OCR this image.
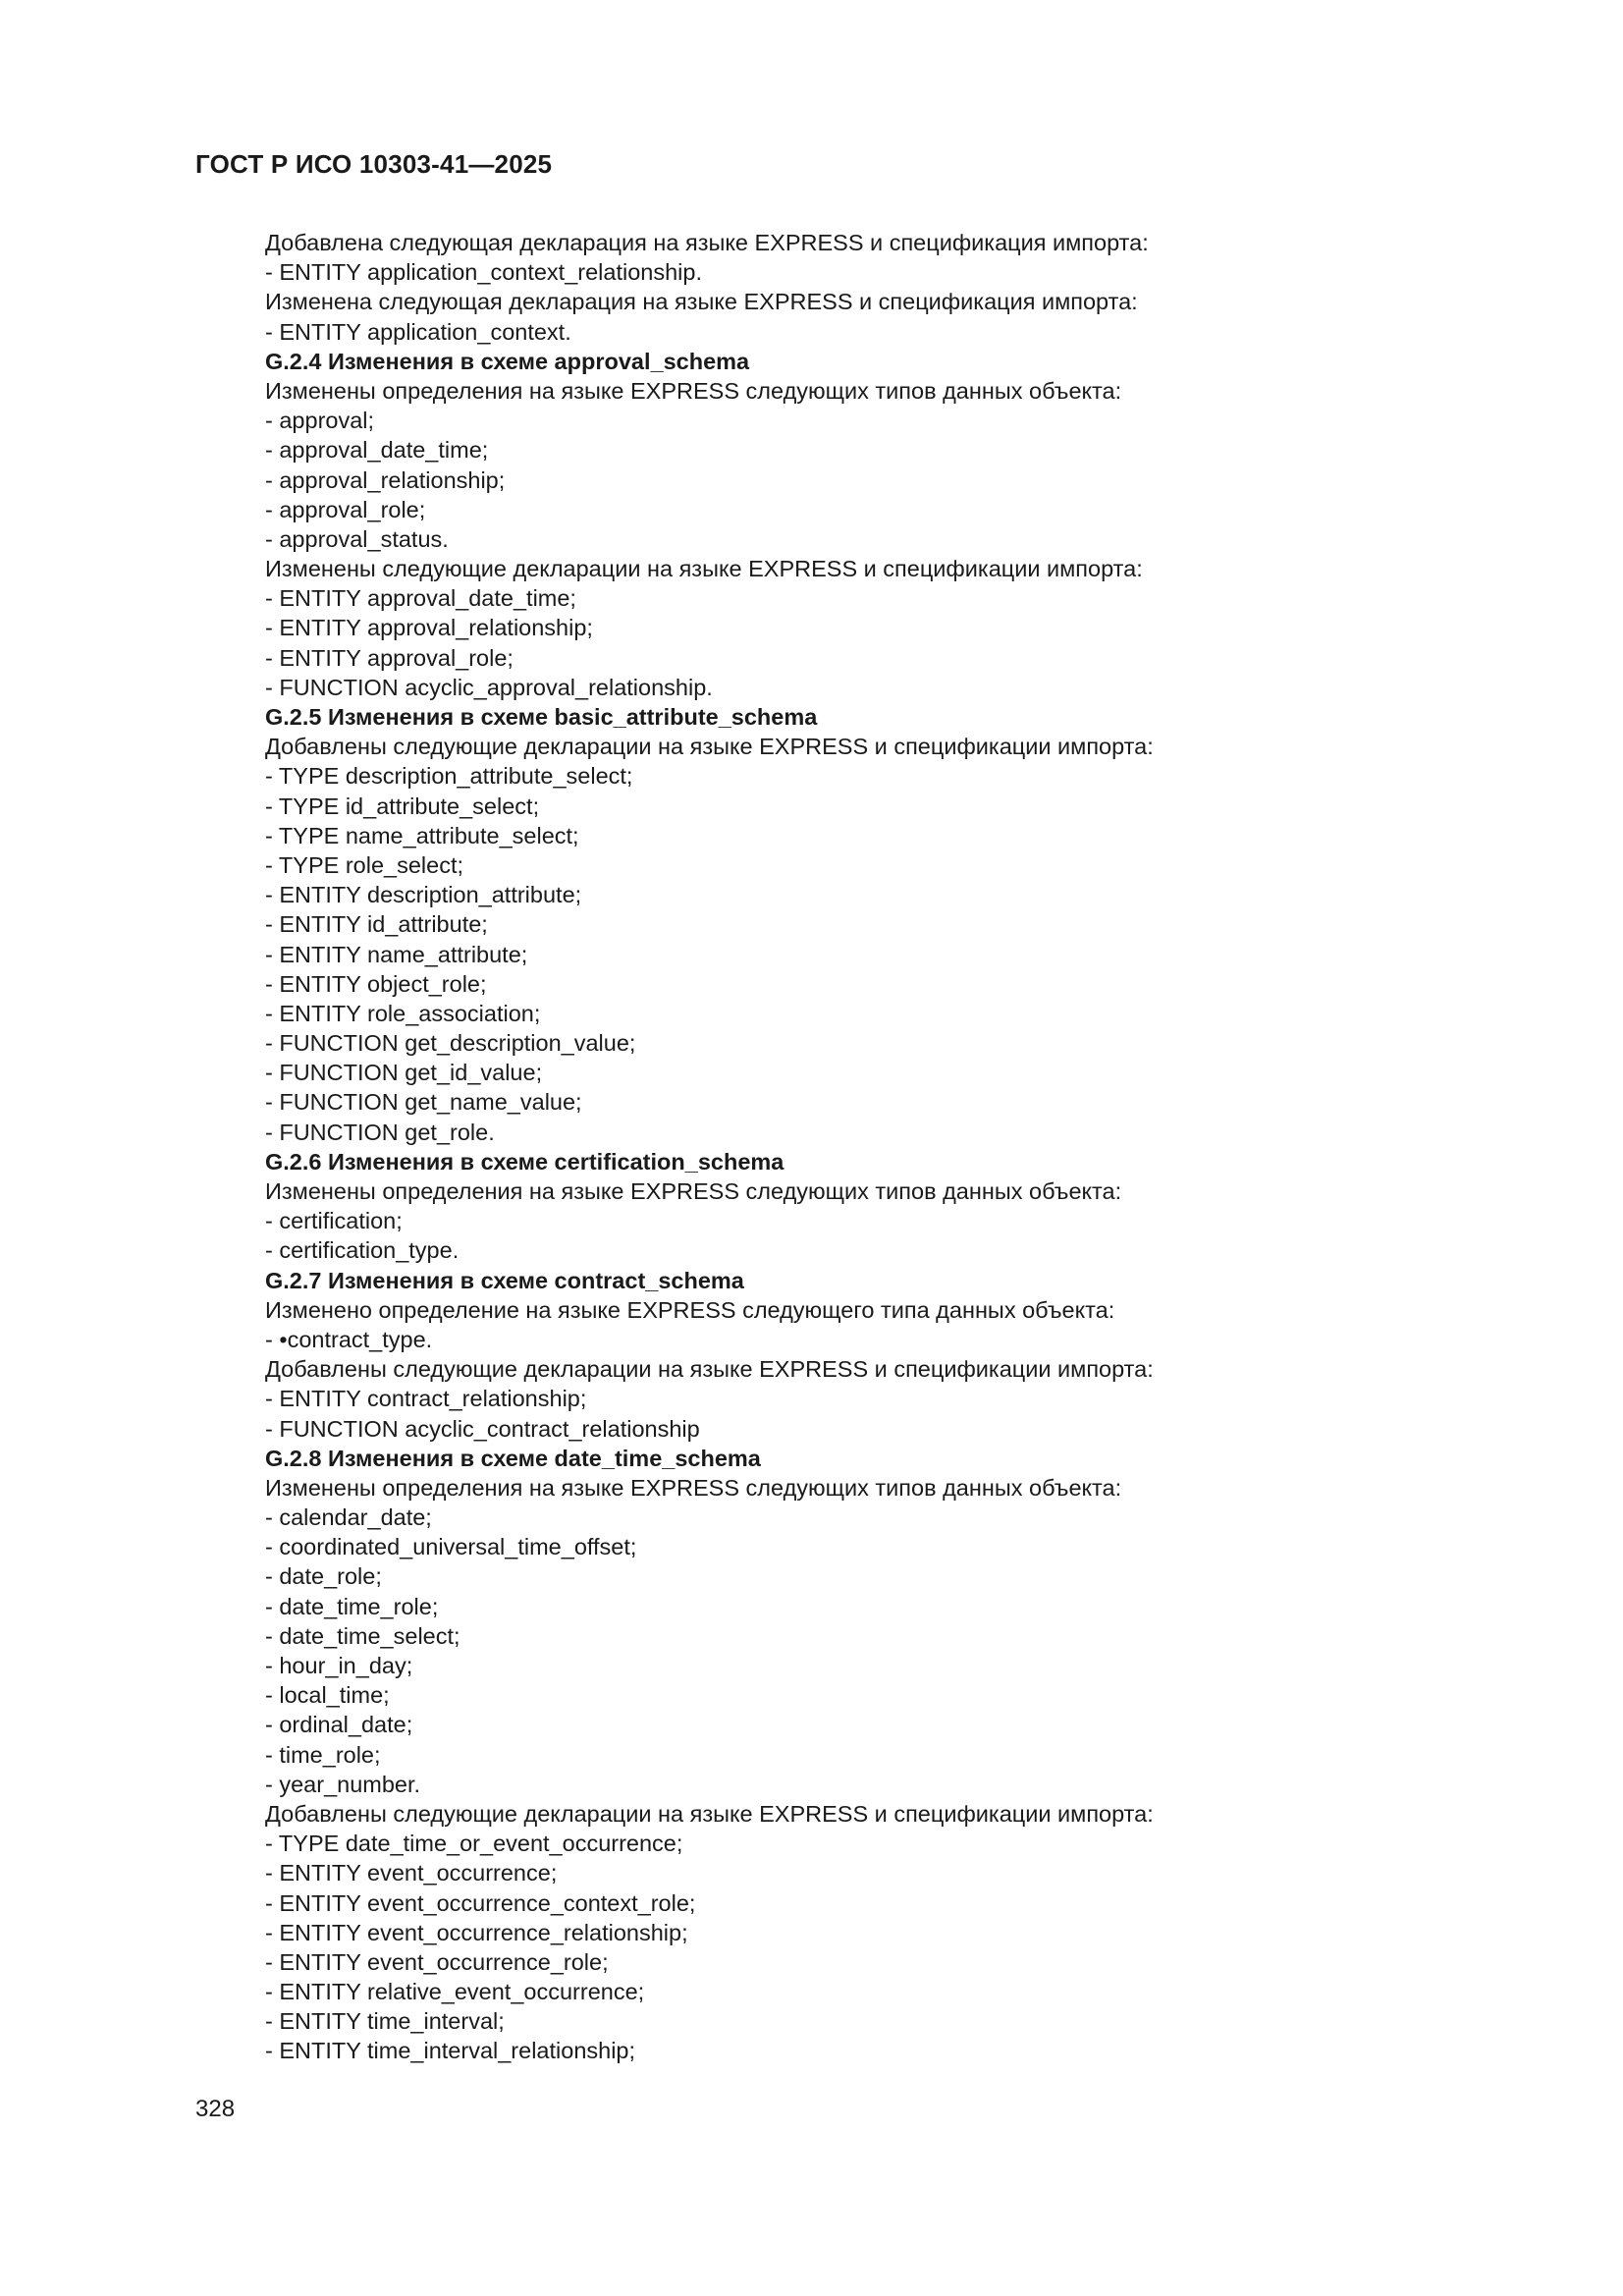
ГОСТ Р ИСО 10303-41—2025
Добавлена следующая декларация на языке EXPRESS и спецификация импорта:
- ENTITY application_context_relationship.
Изменена следующая декларация на языке EXPRESS и спецификация импорта:
- ENTITY application_context.
G.2.4 Изменения в схеме approval_schema
Изменены определения на языке EXPRESS следующих типов данных объекта:
- approval;
- approval_date_time;
- approval_relationship;
- approval_role;
- approval_status.
Изменены следующие декларации на языке EXPRESS и спецификации импорта:
- ENTITY approval_date_time;
- ENTITY approval_relationship;
- ENTITY approval_role;
- FUNCTION acyclic_approval_relationship.
G.2.5 Изменения в схеме basic_attribute_schema
Добавлены следующие декларации на языке EXPRESS и спецификации импорта:
- TYPE description_attribute_select;
- TYPE id_attribute_select;
- TYPE name_attribute_select;
- TYPE role_select;
- ENTITY description_attribute;
- ENTITY id_attribute;
- ENTITY name_attribute;
- ENTITY object_role;
- ENTITY role_association;
- FUNCTION get_description_value;
- FUNCTION get_id_value;
- FUNCTION get_name_value;
- FUNCTION get_role.
G.2.6 Изменения в схеме certification_schema
Изменены определения на языке EXPRESS следующих типов данных объекта:
- certification;
- certification_type.
G.2.7 Изменения в схеме contract_schema
Изменено определение на языке EXPRESS следующего типа данных объекта:
- •contract_type.
Добавлены следующие декларации на языке EXPRESS и спецификации импорта:
- ENTITY contract_relationship;
- FUNCTION acyclic_contract_relationship
G.2.8 Изменения в схеме date_time_schema
Изменены определения на языке EXPRESS следующих типов данных объекта:
- calendar_date;
- coordinated_universal_time_offset;
- date_role;
- date_time_role;
- date_time_select;
- hour_in_day;
- local_time;
- ordinal_date;
- time_role;
- year_number.
Добавлены следующие декларации на языке EXPRESS и спецификации импорта:
- TYPE date_time_or_event_occurrence;
- ENTITY event_occurrence;
- ENTITY event_occurrence_context_role;
- ENTITY event_occurrence_relationship;
- ENTITY event_occurrence_role;
- ENTITY relative_event_occurrence;
- ENTITY time_interval;
- ENTITY time_interval_relationship;
328
